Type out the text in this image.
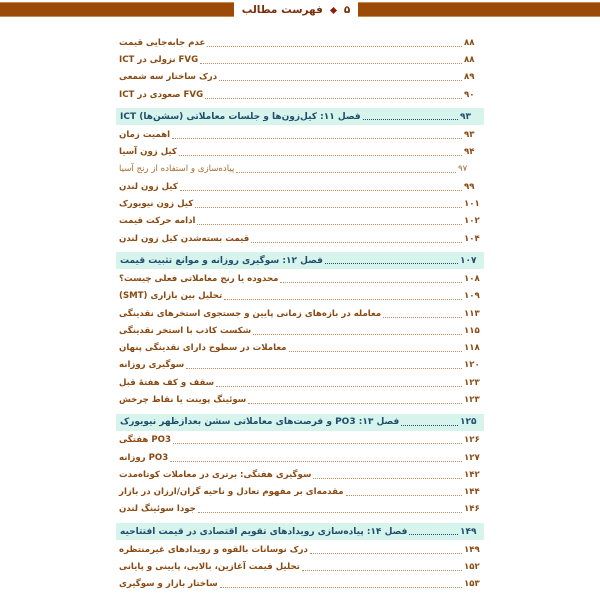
فهرست مطالب ۵
عدم جابه‌جایی قیمت	۸۸
FVG نزولی در ICT	۸۸
درک ساختار سه شمعی	۸۹
FVG صعودی در ICT	۹۰
فصل ۱۱: کیل‌زون‌ها و جلسات معاملاتی (سشن‌ها) ICT	۹۳
اهمیت زمان	۹۳
کیل زون آسیا	۹۴
پیاده‌سازی و استفاده از رنج آسیا	۹۷
کیل زون لندن	۹۹
کیل زون نیویورک	۱۰۱
ادامه حرکت قیمت	۱۰۲
قیمت بسته‌شدن کیل زون لندن	۱۰۴
فصل ۱۲: سوگیری روزانه و موانع تثبیت قیمت	۱۰۷
محدوده یا رنج معاملاتی فعلی چیست؟	۱۰۸
تحلیل بین بازاری (SMT)	۱۰۹
معامله در بازه‌های زمانی پایین و جستجوی استخرهای نقدینگی	۱۱۳
شکست کاذب با استخر نقدینگی	۱۱۵
معاملات در سطوح دارای نقدینگی پنهان	۱۱۸
سوگیری روزانه	۱۲۰
سقف و کف هفتهٔ قبل	۱۲۳
سوئینگ پوینت یا نقاط چرخش	۱۲۳
فصل ۱۳: PO3 و فرصت‌های معاملاتی سشن بعدازظهر نیویورک	۱۲۵
PO3 هفتگی	۱۲۶
PO3 روزانه	۱۲۷
سوگیری هفتگی: برتری در معاملات کوتاه‌مدت	۱۴۲
مقدمه‌ای بر مفهوم تعادل و ناحیه گران/ارزان در بازار	۱۴۴
جودا سوئینگ لندن	۱۴۶
فصل ۱۴: پیاده‌سازی رویدادهای تقویم اقتصادی در قیمت افتتاحیه	۱۴۹
درک نوسانات بالقوه و رویدادهای غیرمنتظره	۱۴۹
تحلیل قیمت آغازین، بالایی، پایینی و پایانی	۱۵۲
ساختار بازار و سوگیری	۱۵۳
